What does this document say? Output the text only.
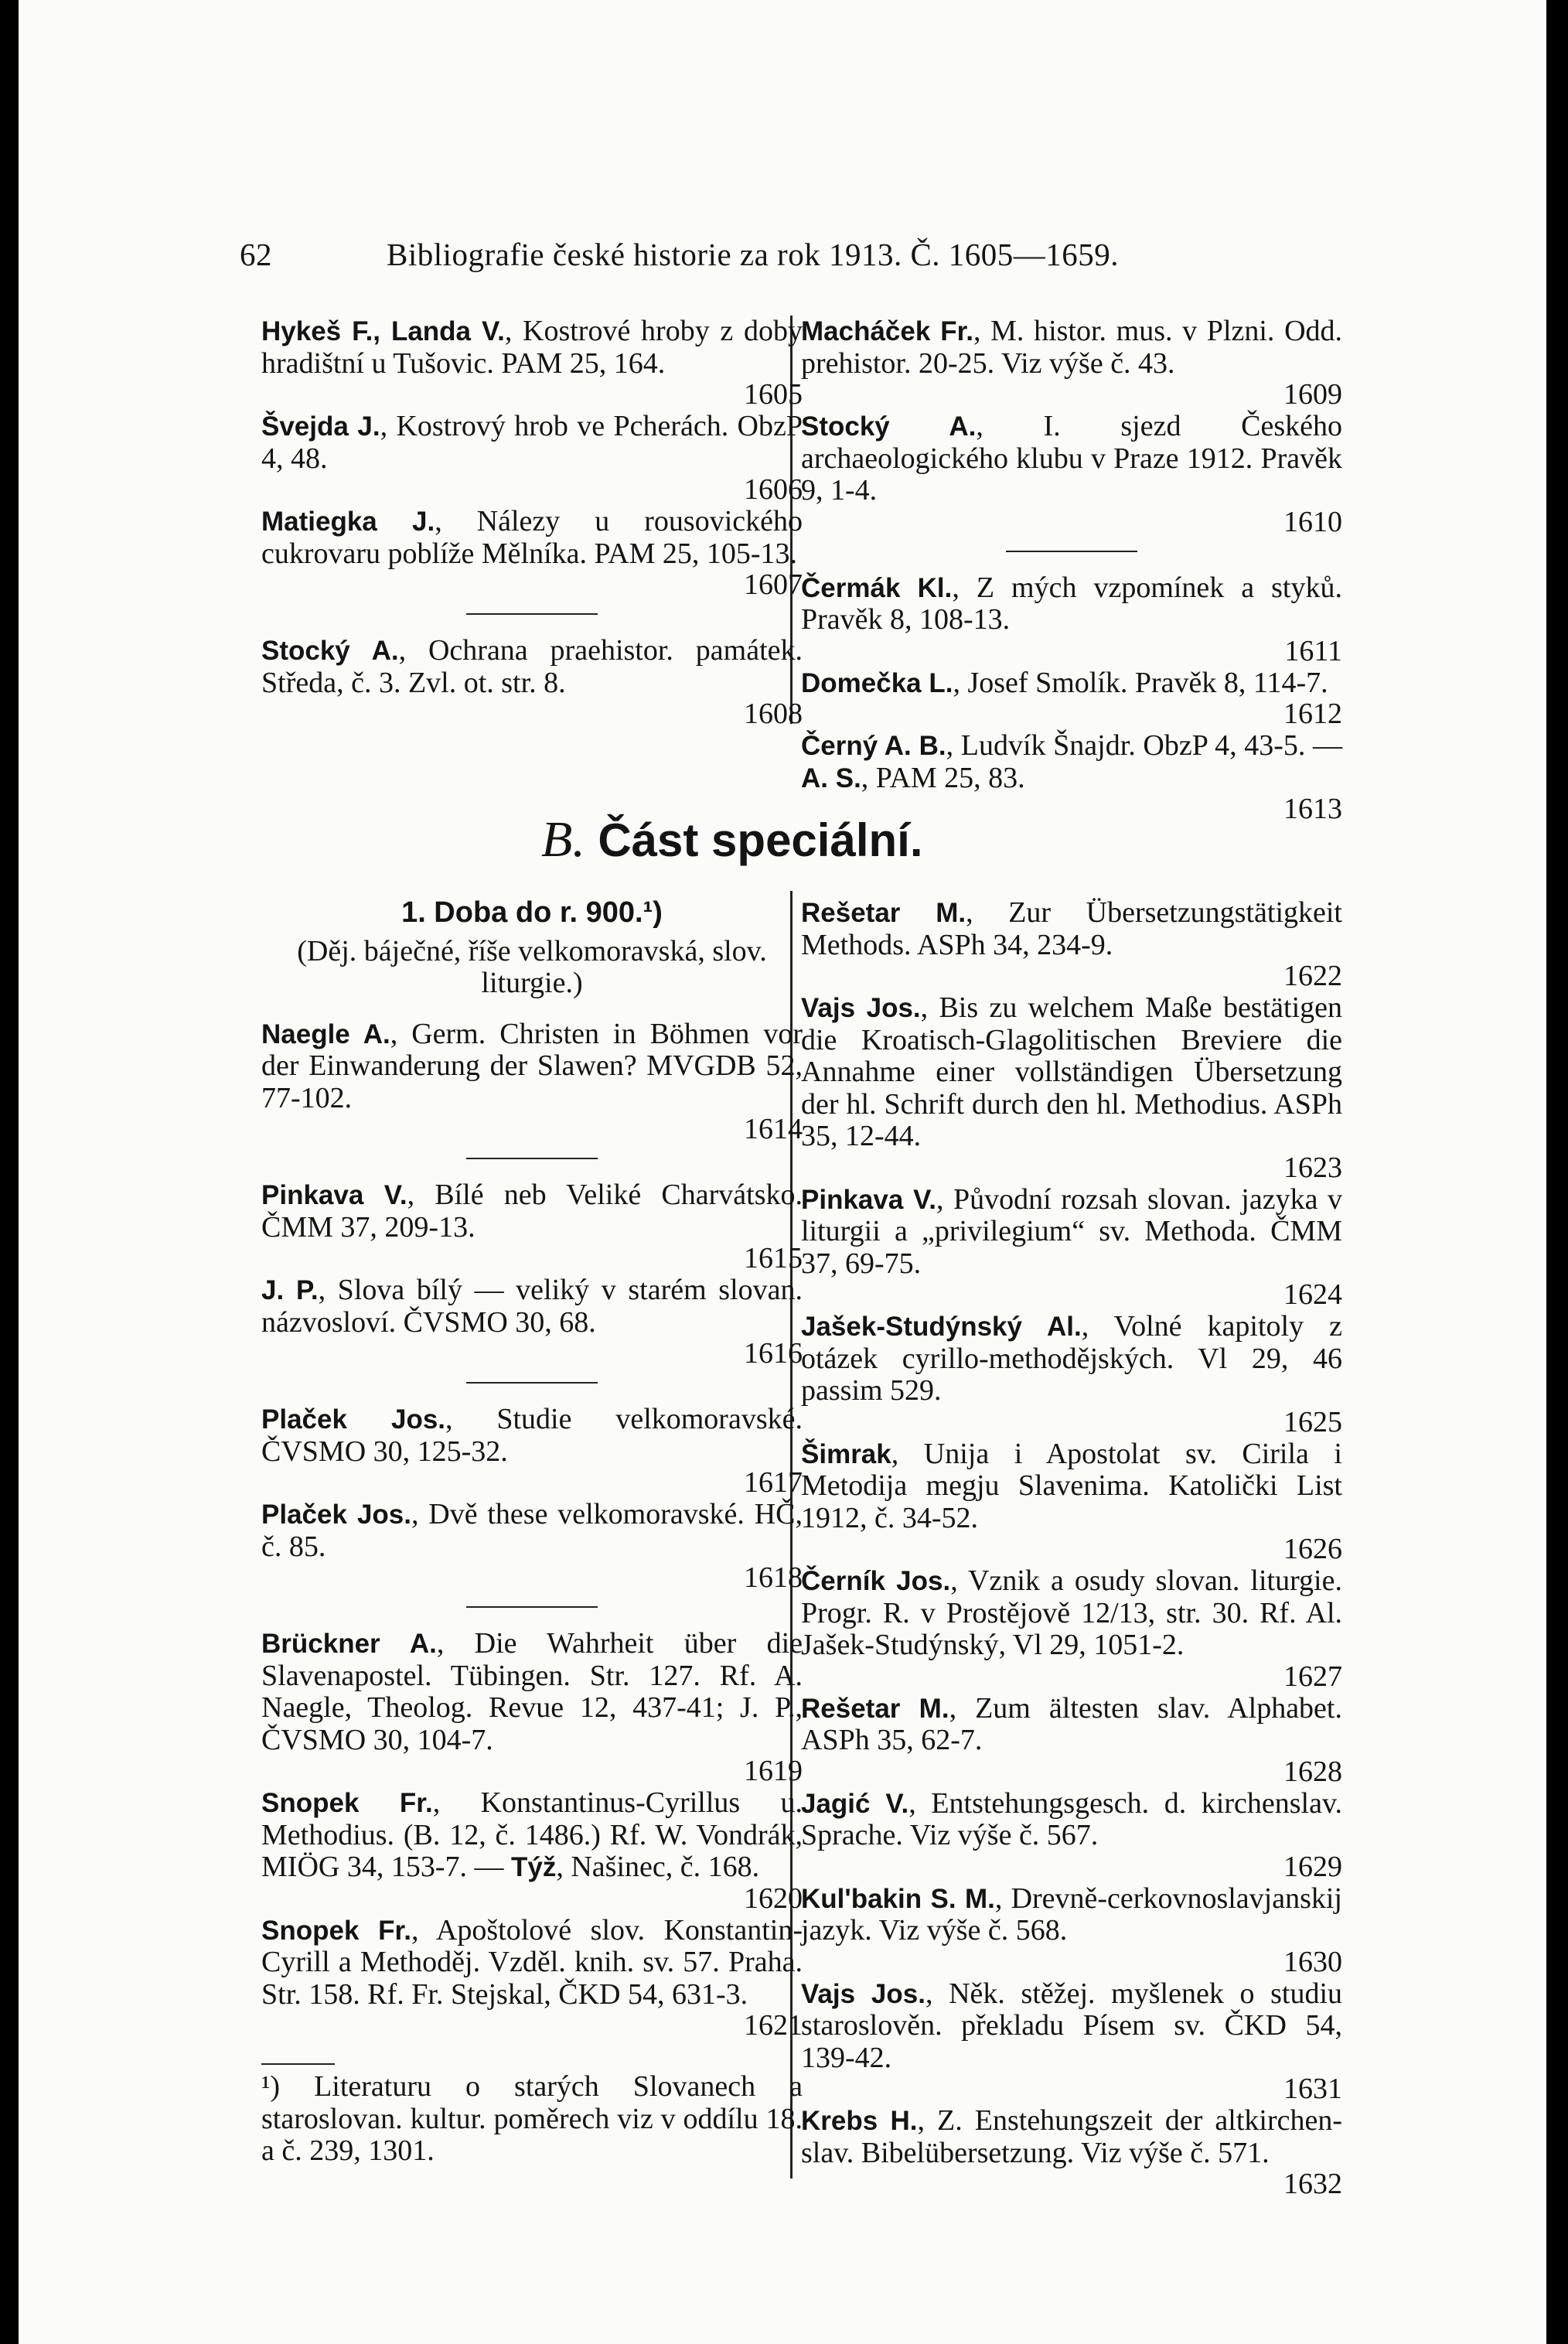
62	Bibliografie české historie za rok 1913. Č. 1605—1659.
Hykeš F., Landa V., Kostrové hroby z doby hradištní u Tušovic. PAM 25, 164.
1605
Švejda J., Kostrový hrob ve Pcherách. ObzP 4, 48.
1606
Matiegka J., Nálezy u rousovického cukrovaru poblíže Mělníka. PAM 25, 105-13.
1607
Stocký A., Ochrana praehistor. památek. Středa, č. 3. Zvl. ot. str. 8.
1608
Macháček Fr., M. histor. mus. v Plzni. Odd. prehistor. 20-25. Viz výše č. 43.
1609
Stocký A., I. sjezd Českého archaeologického klubu v Praze 1912. Pravěk 9, 1-4.
1610
Čermák Kl., Z mých vzpomínek a styků. Pravěk 8, 108-13.
1611
Domečka L., Josef Smolík. Pravěk 8, 114-7.
1612
Černý A. B., Ludvík Šnajdr. ObzP 4, 43-5. — A. S., PAM 25, 83.
1613
B. Část speciální.
1. Doba do r. 900.¹)
(Děj. báječné, říše velkomoravská, slov. liturgie.)
Naegle A., Germ. Christen in Böhmen vor der Einwanderung der Slawen? MVGDB 52, 77-102.
1614
Pinkava V., Bílé neb Veliké Charvátsko. ČMM 37, 209-13.
1615
J. P., Slova bílý — veliký v starém slovan. názvosloví. ČVSMO 30, 68.
1616
Plaček Jos., Studie velkomoravské. ČVSMO 30, 125-32.
1617
Plaček Jos., Dvě these velkomoravské. HČ, č. 85.
1618
Brückner A., Die Wahrheit über die Slavenapostel. Tübingen. Str. 127. Rf. A. Naegle, Theolog. Revue 12, 437-41; J. P., ČVSMO 30, 104-7.
1619
Snopek Fr., Konstantinus-Cyrillus u. Methodius. (B. 12, č. 1486.) Rf. W. Vondrák, MIÖG 34, 153-7. — Týž, Našinec, č. 168.
1620
Snopek Fr., Apoštolové slov. Konstantin-Cyrill a Methoděj. Vzděl. knih. sv. 57. Praha. Str. 158. Rf. Fr. Stejskal, ČKD 54, 631-3.
1621
¹) Literaturu o starých Slovanech a staroslovan. kultur. poměrech viz v oddílu 18. a č. 239, 1301.
Rešetar M., Zur Übersetzungstätigkeit Methods. ASPh 34, 234-9.
1622
Vajs Jos., Bis zu welchem Maße bestätigen die Kroatisch-Glagolitischen Breviere die Annahme einer vollständigen Übersetzung der hl. Schrift durch den hl. Methodius. ASPh 35, 12-44.
1623
Pinkava V., Původní rozsah slovan. jazyka v liturgii a „privilegium“ sv. Methoda. ČMM 37, 69-75.
1624
Jašek-Studýnský Al., Volné kapitoly z otázek cyrillo-methodějských. Vl 29, 46 passim 529.
1625
Šimrak, Unija i Apostolat sv. Cirila i Metodija megju Slavenima. Katolički List 1912, č. 34-52.
1626
Černík Jos., Vznik a osudy slovan. liturgie. Progr. R. v Prostějově 12/13, str. 30. Rf. Al. Jašek-Studýnský, Vl 29, 1051-2.
1627
Rešetar M., Zum ältesten slav. Alphabet. ASPh 35, 62-7.
1628
Jagić V., Entstehungsgesch. d. kirchenslav. Sprache. Viz výše č. 567.
1629
Kul'bakin S. M., Drevně-cerkovnoslavjanskij jazyk. Viz výše č. 568.
1630
Vajs Jos., Něk. stěžej. myšlenek o studiu staroslověn. překladu Písem sv. ČKD 54, 139-42.
1631
Krebs H., Z. Enstehungszeit der altkirchen-slav. Bibelübersetzung. Viz výše č. 571.
1632
